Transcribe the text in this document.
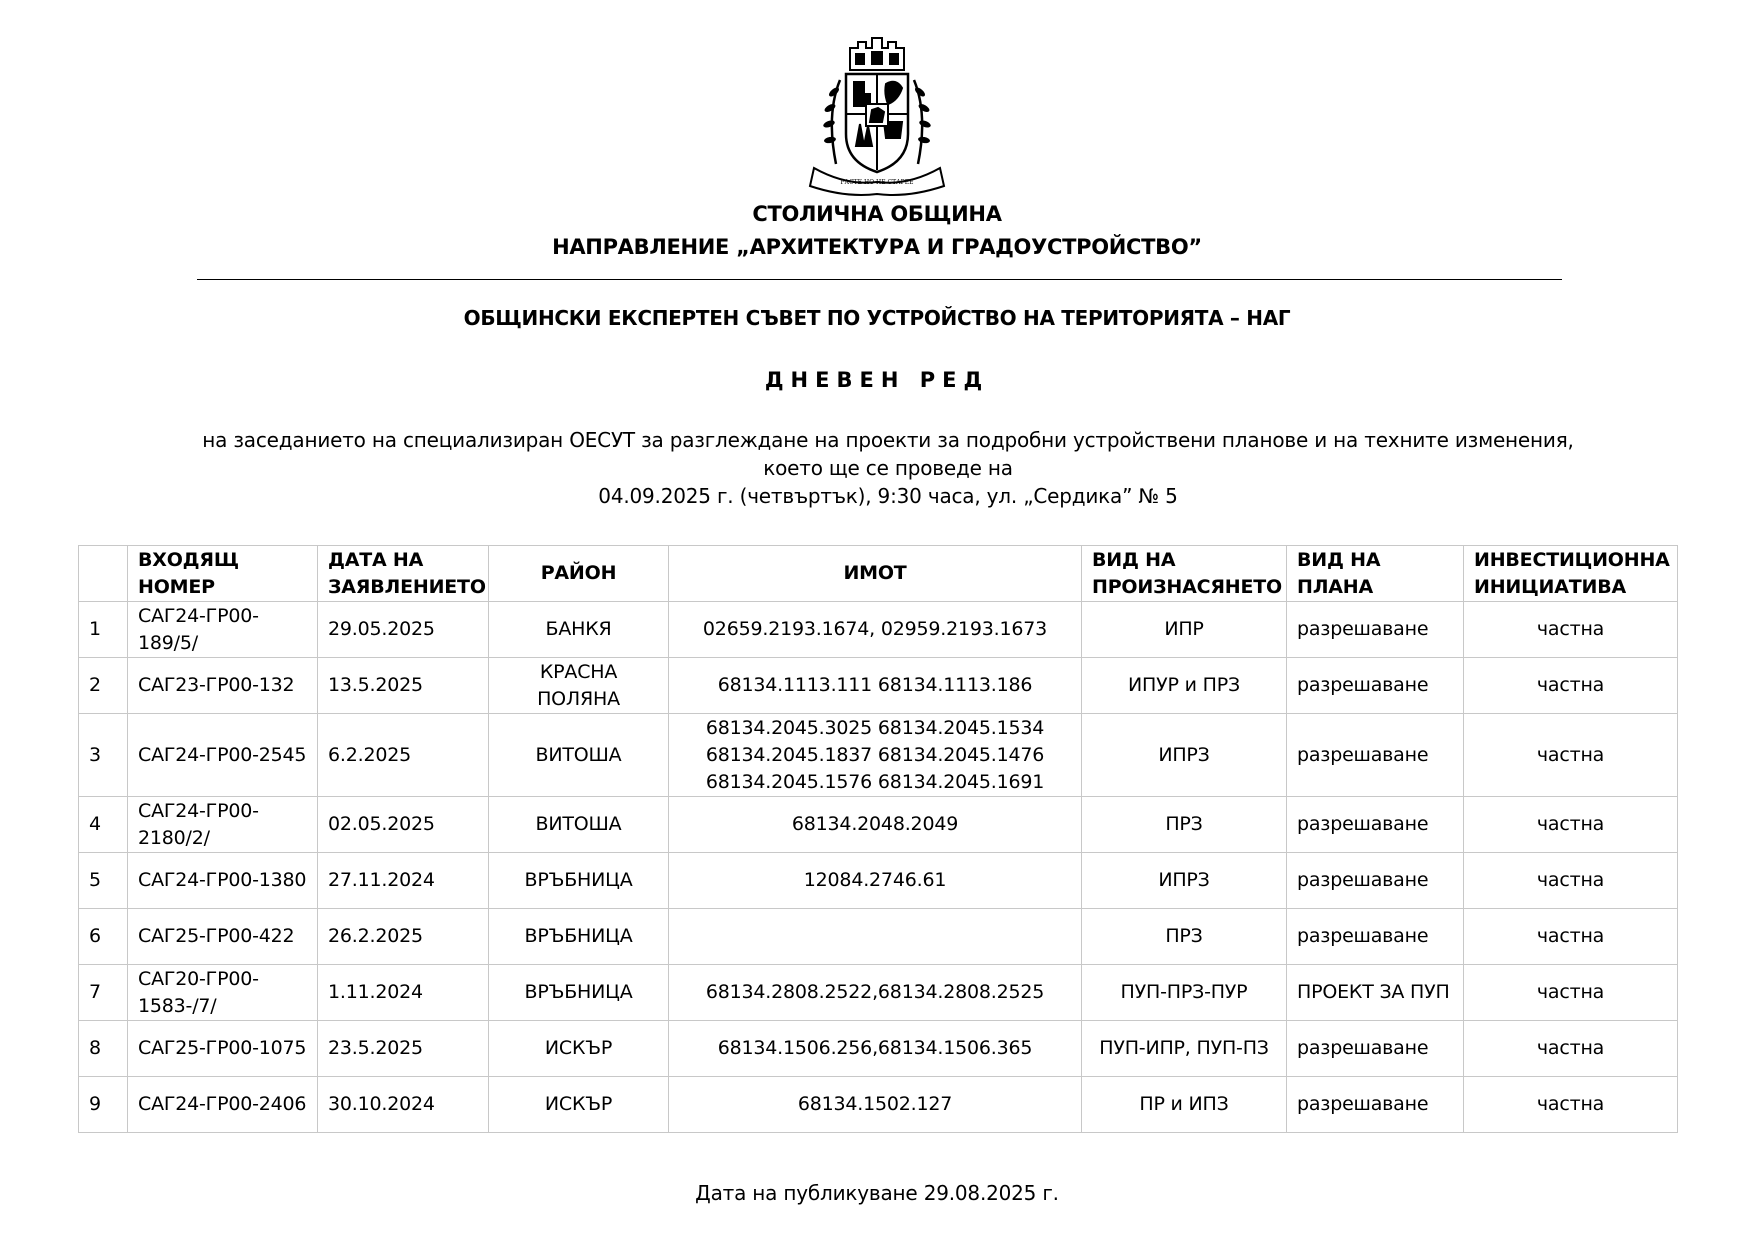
РАСТЕ НО НЕ СТАРЕЕ
СТОЛИЧНА ОБЩИНА
НАПРАВЛЕНИЕ „АРХИТЕКТУРА И ГРАДОУСТРОЙСТВО”
ОБЩИНСКИ ЕКСПЕРТЕН СЪВЕТ ПО УСТРОЙСТВО НА ТЕРИТОРИЯТА – НАГ
ДНЕВЕН РЕД
на заседанието на специализиран ОЕСУТ за разглеждане на проекти за подробни устройствени планове и на техните изменения,
което ще се проведе на
04.09.2025 г. (четвъртък), 9:30 часа, ул. „Сердика” № 5
	ВХОДЯЩ НОМЕР	ДАТА НА ЗАЯВЛЕНИЕТО	РАЙОН	ИМОТ	ВИД НА ПРОИЗНАСЯНЕТО	ВИД НА ПЛАНА	ИНВЕСТИЦИОННА ИНИЦИАТИВА
1	САГ24-ГР00-189/5/	29.05.2025	БАНКЯ	02659.2193.1674, 02959.2193.1673	ИПР	разрешаване	частна
2	САГ23-ГР00-132	13.5.2025	КРАСНА ПОЛЯНА	68134.1113.111 68134.1113.186	ИПУР и ПРЗ	разрешаване	частна
3	САГ24-ГР00-2545	6.2.2025	ВИТОША	68134.2045.3025 68134.2045.1534 68134.2045.1837 68134.2045.1476 68134.2045.1576 68134.2045.1691	ИПРЗ	разрешаване	частна
4	САГ24-ГР00-2180/2/	02.05.2025	ВИТОША	68134.2048.2049	ПРЗ	разрешаване	частна
5	САГ24-ГР00-1380	27.11.2024	ВРЪБНИЦА	12084.2746.61	ИПРЗ	разрешаване	частна
6	САГ25-ГР00-422	26.2.2025	ВРЪБНИЦА		ПРЗ	разрешаване	частна
7	САГ20-ГР00-1583-/7/	1.11.2024	ВРЪБНИЦА	68134.2808.2522,68134.2808.2525	ПУП-ПРЗ-ПУР	ПРОЕКТ ЗА ПУП	частна
8	САГ25-ГР00-1075	23.5.2025	ИСКЪР	68134.1506.256,68134.1506.365	ПУП-ИПР, ПУП-ПЗ	разрешаване	частна
9	САГ24-ГР00-2406	30.10.2024	ИСКЪР	68134.1502.127	ПР и ИПЗ	разрешаване	частна
Дата на публикуване 29.08.2025 г.
